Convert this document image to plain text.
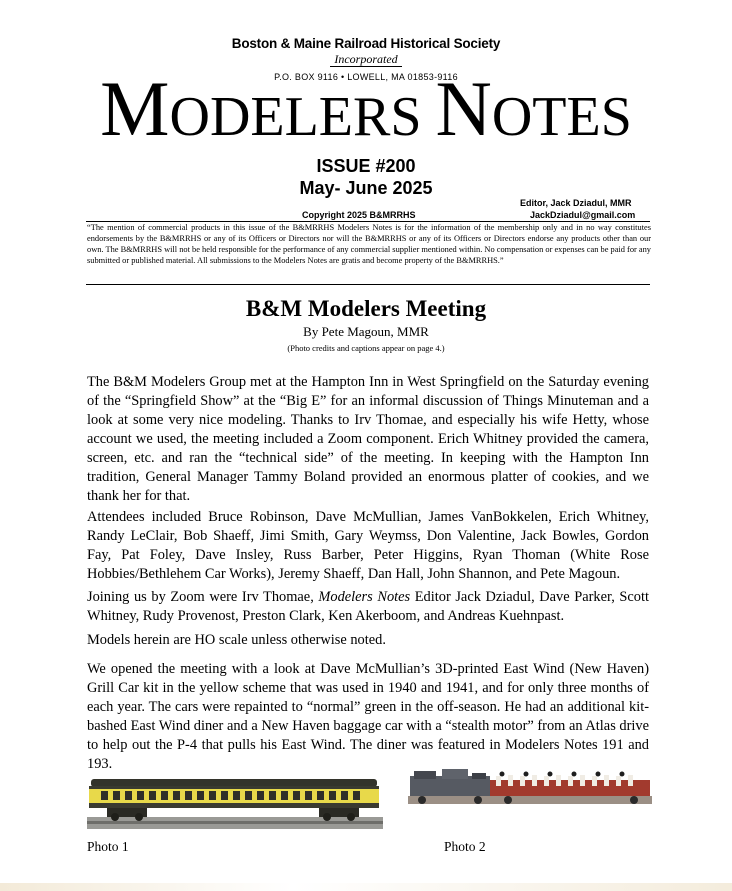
Boston & Maine Railroad Historical Society
Incorporated
P.O. BOX 9116 • LOWELL, MA 01853-9116
MODELERS NOTES
ISSUE #200
May- June 2025
Editor, Jack Dziadul, MMR
Copyright 2025 B&MRRHS	JackDziadul@gmail.com
“The mention of commercial products in this issue of the B&MRRHS Modelers Notes is for the information of the membership only and in no way constitutes endorsements by the B&MRRHS or any of its Officers or Directors nor will the B&MRRHS or any of its Officers or Directors endorse any products other than our own. The B&MRRHS will not be held responsible for the performance of any commercial supplier mentioned within. No compensation or expenses can be paid for any submitted or published material. All submissions to the Modelers Notes are gratis and become property of the B&MRRHS.”
B&M Modelers Meeting
By Pete Magoun, MMR
(Photo credits and captions appear on page 4.)
The B&M Modelers Group met at the Hampton Inn in West Springfield on the Saturday evening of the “Springfield Show” at the “Big E” for an informal discussion of Things Minuteman and a look at some very nice modeling. Thanks to Irv Thomae, and especially his wife Hetty, whose account we used, the meeting included a Zoom component. Erich Whitney provided the camera, screen, etc. and ran the “technical side” of the meeting. In keeping with the Hampton Inn tradition, General Manager Tammy Boland provided an enormous platter of cookies, and we thank her for that.
Attendees included Bruce Robinson, Dave McMullian, James VanBokkelen, Erich Whitney, Randy LeClair, Bob Shaeff, Jimi Smith, Gary Weymss, Don Valentine, Jack Bowles, Gordon Fay, Pat Foley, Dave Insley, Russ Barber, Peter Higgins, Ryan Thoman (White Rose Hobbies/Bethlehem Car Works), Jeremy Shaeff, Dan Hall, John Shannon, and Pete Magoun.
Joining us by Zoom were Irv Thomae, Modelers Notes Editor Jack Dziadul, Dave Parker, Scott Whitney, Rudy Provenost, Preston Clark, Ken Akerboom, and Andreas Kuehnpast.
Models herein are HO scale unless otherwise noted.
We opened the meeting with a look at Dave McMullian’s 3D-printed East Wind (New Haven) Grill Car kit in the yellow scheme that was used in 1940 and 1941, and for only three months of each year. The cars were repainted to “normal” green in the off-season. He had an additional kit-bashed East Wind diner and a New Haven baggage car with a “stealth motor” from an Atlas drive to help out the P-4 that pulls his East Wind. The diner was featured in Modelers Notes 191 and 193.
Photo 1	Photo 2
